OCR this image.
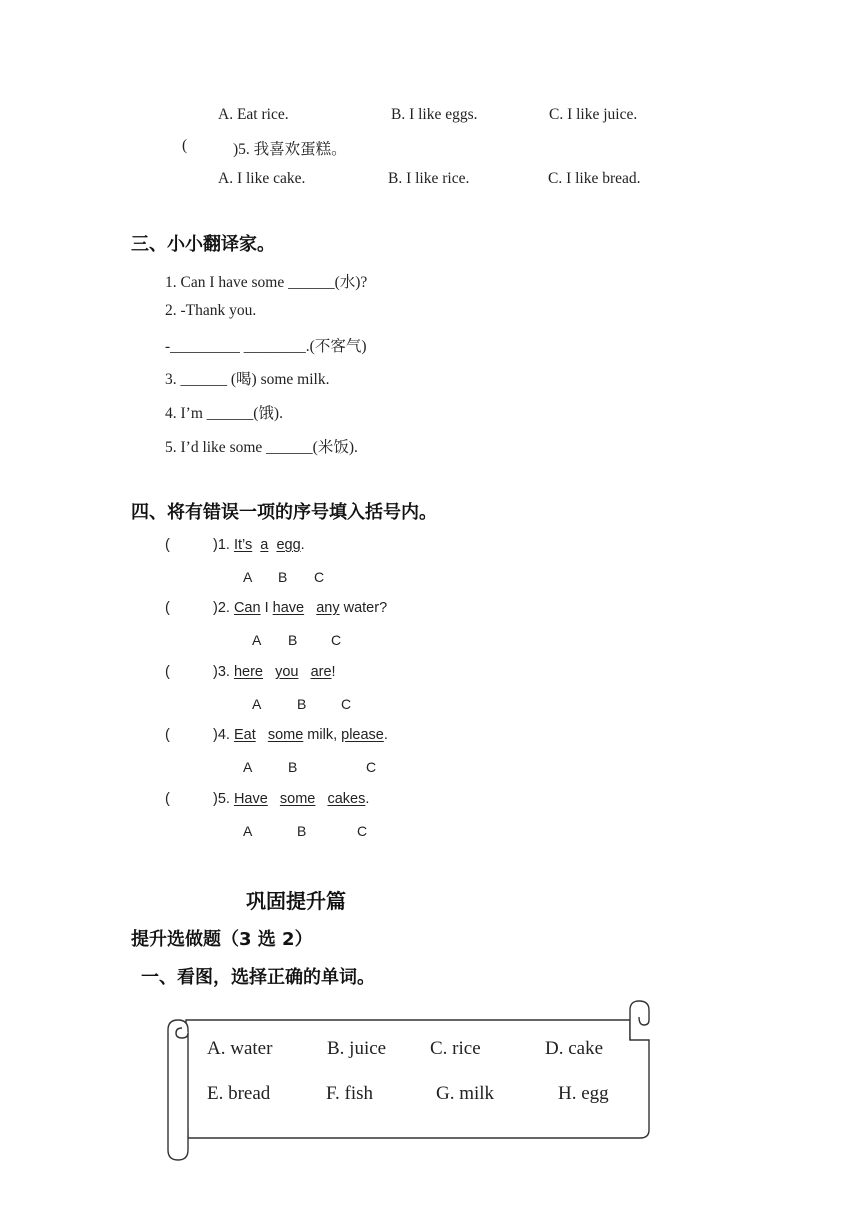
A. Eat rice.	B. I like eggs.	C. I like juice.
(	)5. 我喜欢蛋糕。
A. I like cake.	B. I like rice.	C. I like bread.
三、小小翻译家。
1. Can I have some ______(水)?
2. -Thank you.
-_________ ________.(不客气)
3. ______ (喝) some milk.
4. I’m ______(饿).
5. I’d like some ______(米饭).
四、将有错误一项的序号填入括号内。
(	)1. It’s a egg.
A B C
(	)2. Can I have any water?
A B C
(	)3. here you are!
A	B C
(	)4. Eat some milk, please.
A	B	C
(	)5. Have some cakes.
A	B	C
巩固提升篇
提升选做题（3 选 2）
一、看图，选择正确的单词。
A. water	B. juice C. rice	D. cake
E. bread	F. fish	G. milk	H. egg
